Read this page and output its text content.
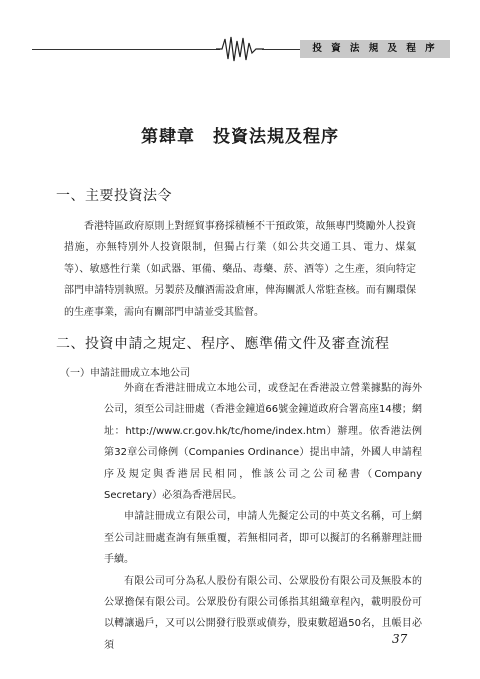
投 資 法 規 及 程 序
第肆章　投資法規及程序
一、主要投資法令

香港特區政府原則上對經貿事務採積極不干預政策，故無專門獎勵外人投資措施，亦無特別外人投資限制，但獨占行業（如公共交通工具、電力、煤氣等）、敏感性行業（如武器、軍備、藥品、毒藥、菸、酒等）之生產，須向特定部門申請特別執照。另製菸及釀酒需設倉庫，俾海關派人常駐查核。而有關環保的生產事業，需向有關部門申請並受其監督。

二、投資申請之規定、程序、應準備文件及審查流程
（一）申請註冊成立本地公司

外商在香港註冊成立本地公司，或登記在香港設立營業據點的海外公司，須至公司註冊處（香港金鐘道66號金鐘道政府合署高座14樓；網址：http://www.cr.gov.hk/tc/home/index.htm）辦理。依香港法例第32章公司條例（Companies Ordinance）提出申請，外國人申請程序及規定與香港居民相同，惟該公司之公司秘書（Company Secretary）必須為香港居民。

申請註冊成立有限公司，申請人先擬定公司的中英文名稱，可上網至公司註冊處查詢有無重覆，若無相同者，即可以擬訂的名稱辦理註冊手續。

有限公司可分為私人股份有限公司、公眾股份有限公司及無股本的公眾擔保有限公司。公眾股份有限公司係指其組織章程內，載明股份可以轉讓過戶，又可以公開發行股票或債券，股東數超過50名，且帳目必須	37
